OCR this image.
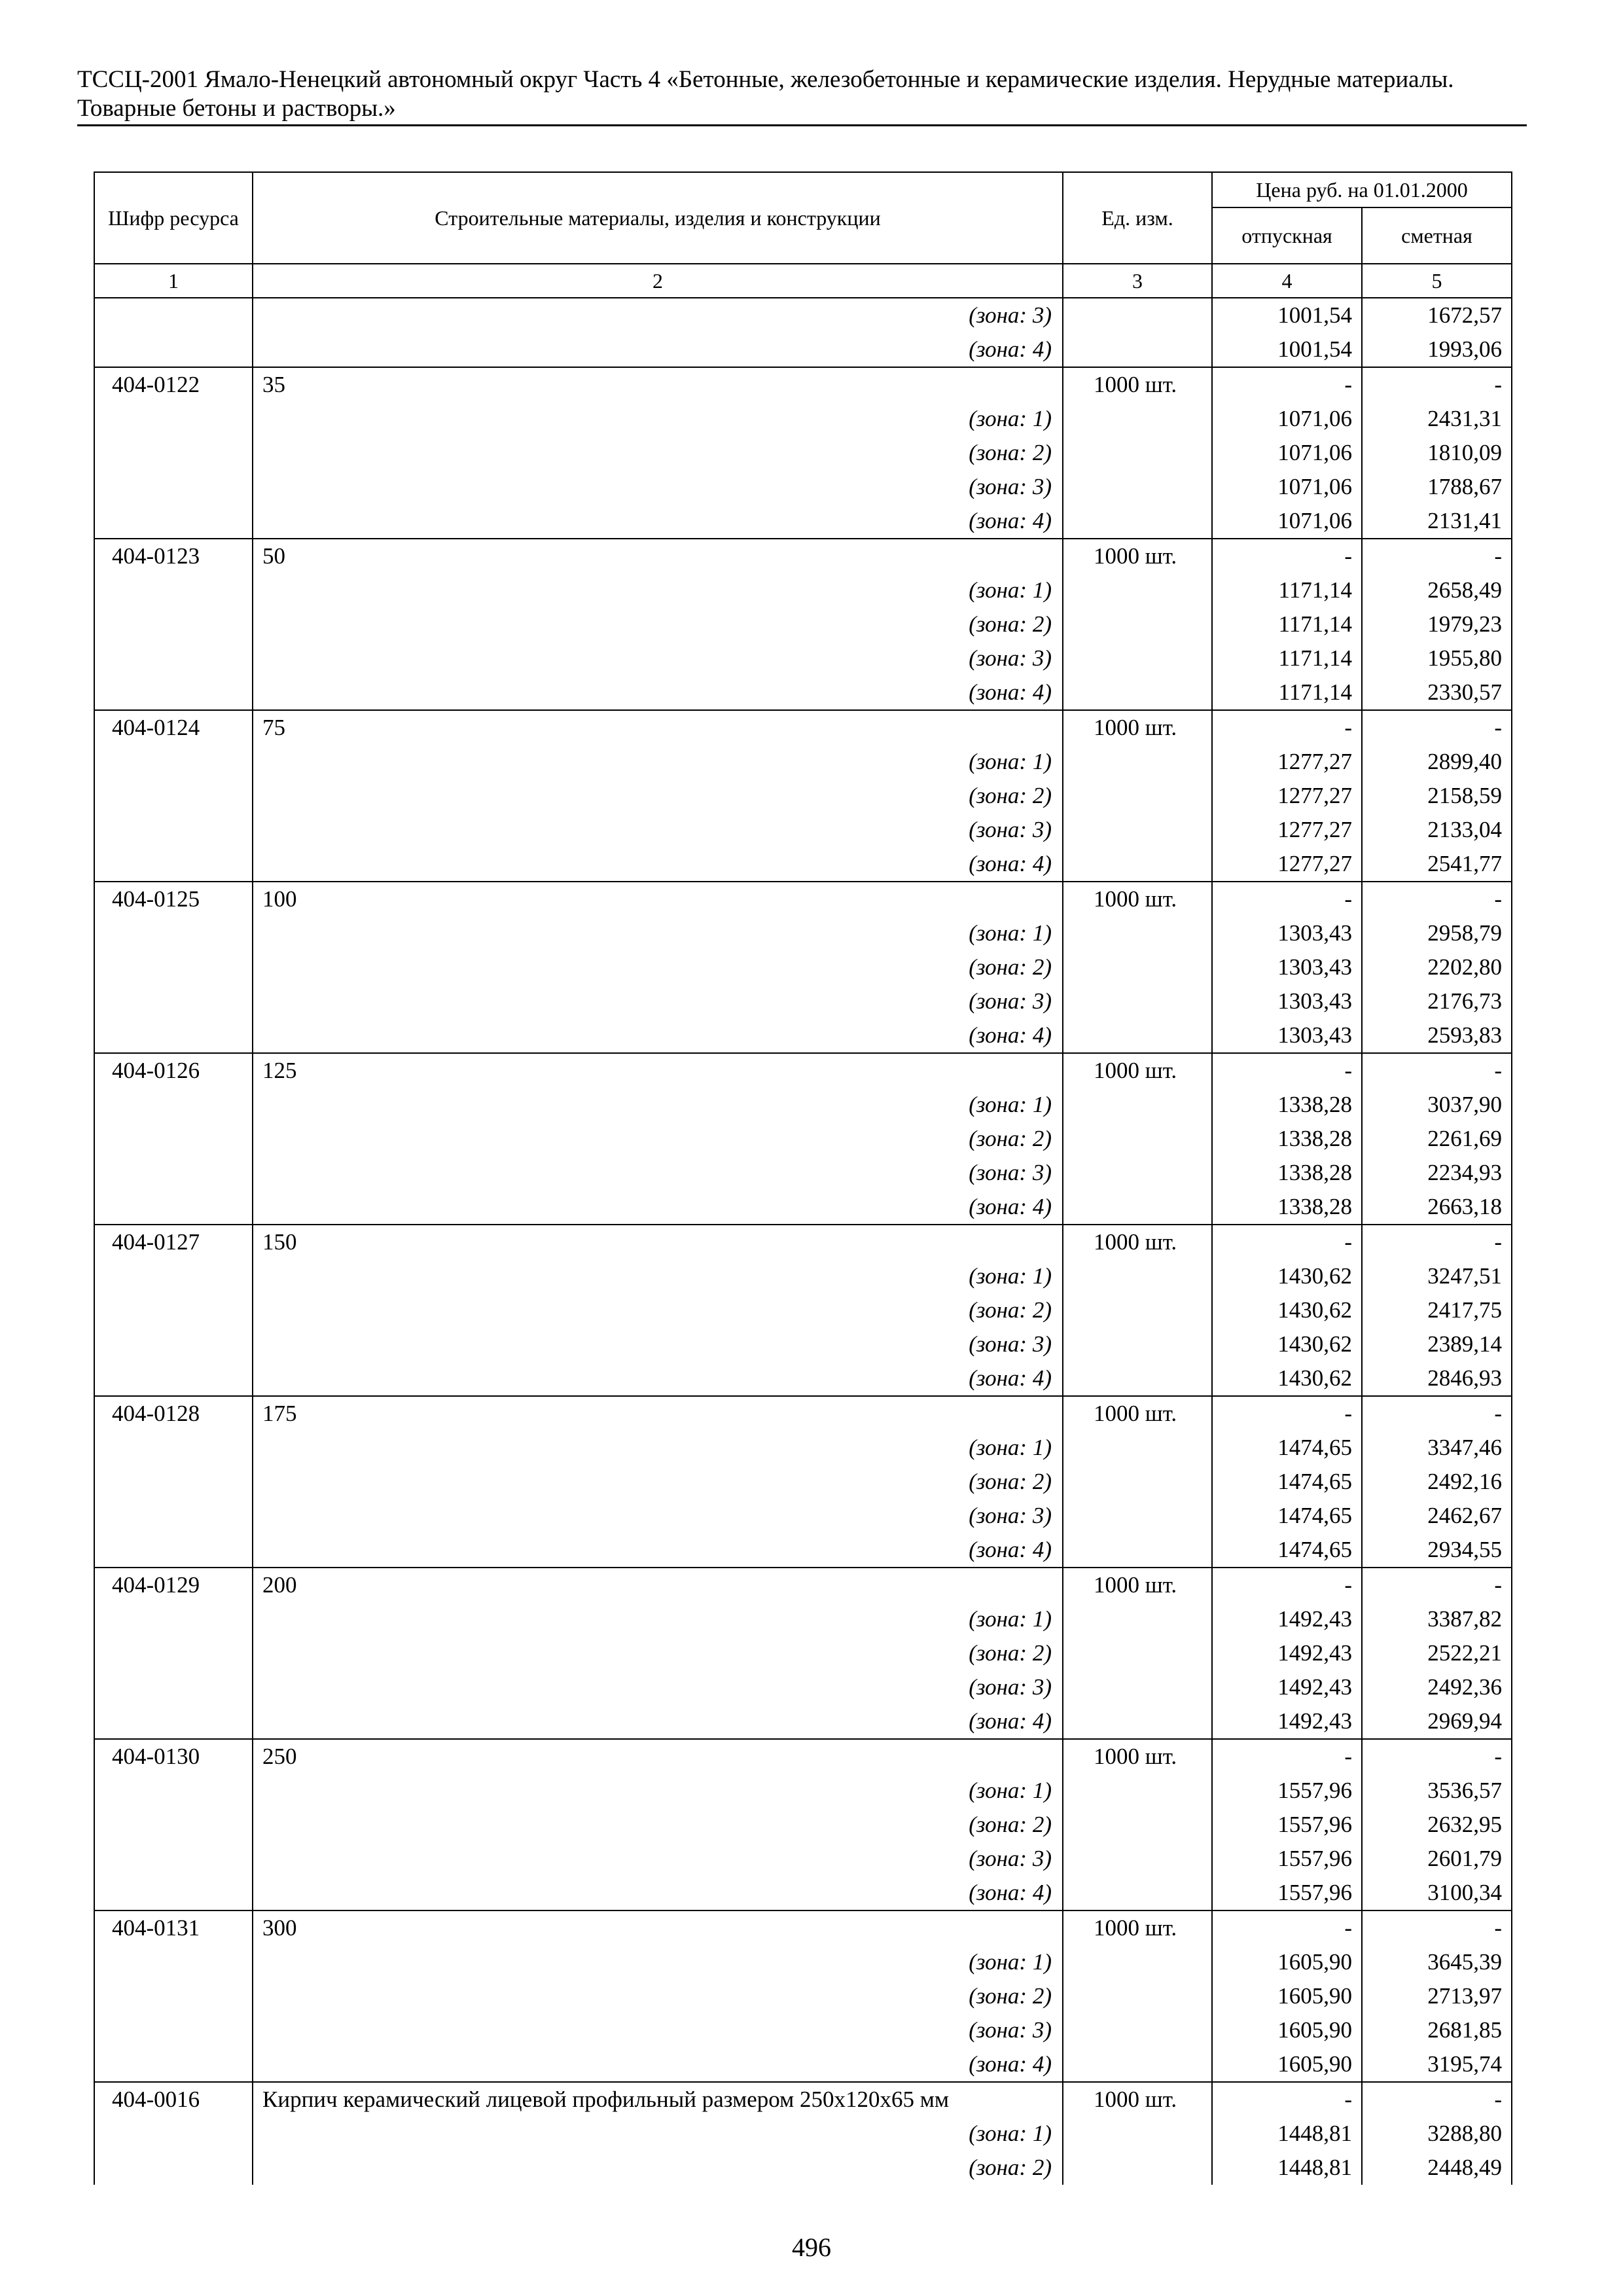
ТССЦ-2001 Ямало-Ненецкий автономный округ Часть 4 «Бетонные, железобетонные и керамические изделия. Нерудные материалы.
Товарные бетоны и растворы.»
Шифр ресурса	Строительные материалы, изделия и конструкции	Ед. изм.	Цена руб. на 01.01.2000	
			отпускная	сметная
1	2	3	4	5
	(зона: 3)		1001,54	1672,57
	(зона: 4)		1001,54	1993,06
404-0122	35	1000 шт.	-	-
	(зона: 1)		1071,06	2431,31
	(зона: 2)		1071,06	1810,09
	(зона: 3)		1071,06	1788,67
	(зона: 4)		1071,06	2131,41
404-0123	50	1000 шт.	-	-
	(зона: 1)		1171,14	2658,49
	(зона: 2)		1171,14	1979,23
	(зона: 3)		1171,14	1955,80
	(зона: 4)		1171,14	2330,57
404-0124	75	1000 шт.	-	-
	(зона: 1)		1277,27	2899,40
	(зона: 2)		1277,27	2158,59
	(зона: 3)		1277,27	2133,04
	(зона: 4)		1277,27	2541,77
404-0125	100	1000 шт.	-	-
	(зона: 1)		1303,43	2958,79
	(зона: 2)		1303,43	2202,80
	(зона: 3)		1303,43	2176,73
	(зона: 4)		1303,43	2593,83
404-0126	125	1000 шт.	-	-
	(зона: 1)		1338,28	3037,90
	(зона: 2)		1338,28	2261,69
	(зона: 3)		1338,28	2234,93
	(зона: 4)		1338,28	2663,18
404-0127	150	1000 шт.	-	-
	(зона: 1)		1430,62	3247,51
	(зона: 2)		1430,62	2417,75
	(зона: 3)		1430,62	2389,14
	(зона: 4)		1430,62	2846,93
404-0128	175	1000 шт.	-	-
	(зона: 1)		1474,65	3347,46
	(зона: 2)		1474,65	2492,16
	(зона: 3)		1474,65	2462,67
	(зона: 4)		1474,65	2934,55
404-0129	200	1000 шт.	-	-
	(зона: 1)		1492,43	3387,82
	(зона: 2)		1492,43	2522,21
	(зона: 3)		1492,43	2492,36
	(зона: 4)		1492,43	2969,94
404-0130	250	1000 шт.	-	-
	(зона: 1)		1557,96	3536,57
	(зона: 2)		1557,96	2632,95
	(зона: 3)		1557,96	2601,79
	(зона: 4)		1557,96	3100,34
404-0131	300	1000 шт.	-	-
	(зона: 1)		1605,90	3645,39
	(зона: 2)		1605,90	2713,97
	(зона: 3)		1605,90	2681,85
	(зона: 4)		1605,90	3195,74
404-0016	Кирпич керамический лицевой профильный размером 250х120х65 мм	1000 шт.	-	-
	(зона: 1)		1448,81	3288,80
	(зона: 2)		1448,81	2448,49
496
